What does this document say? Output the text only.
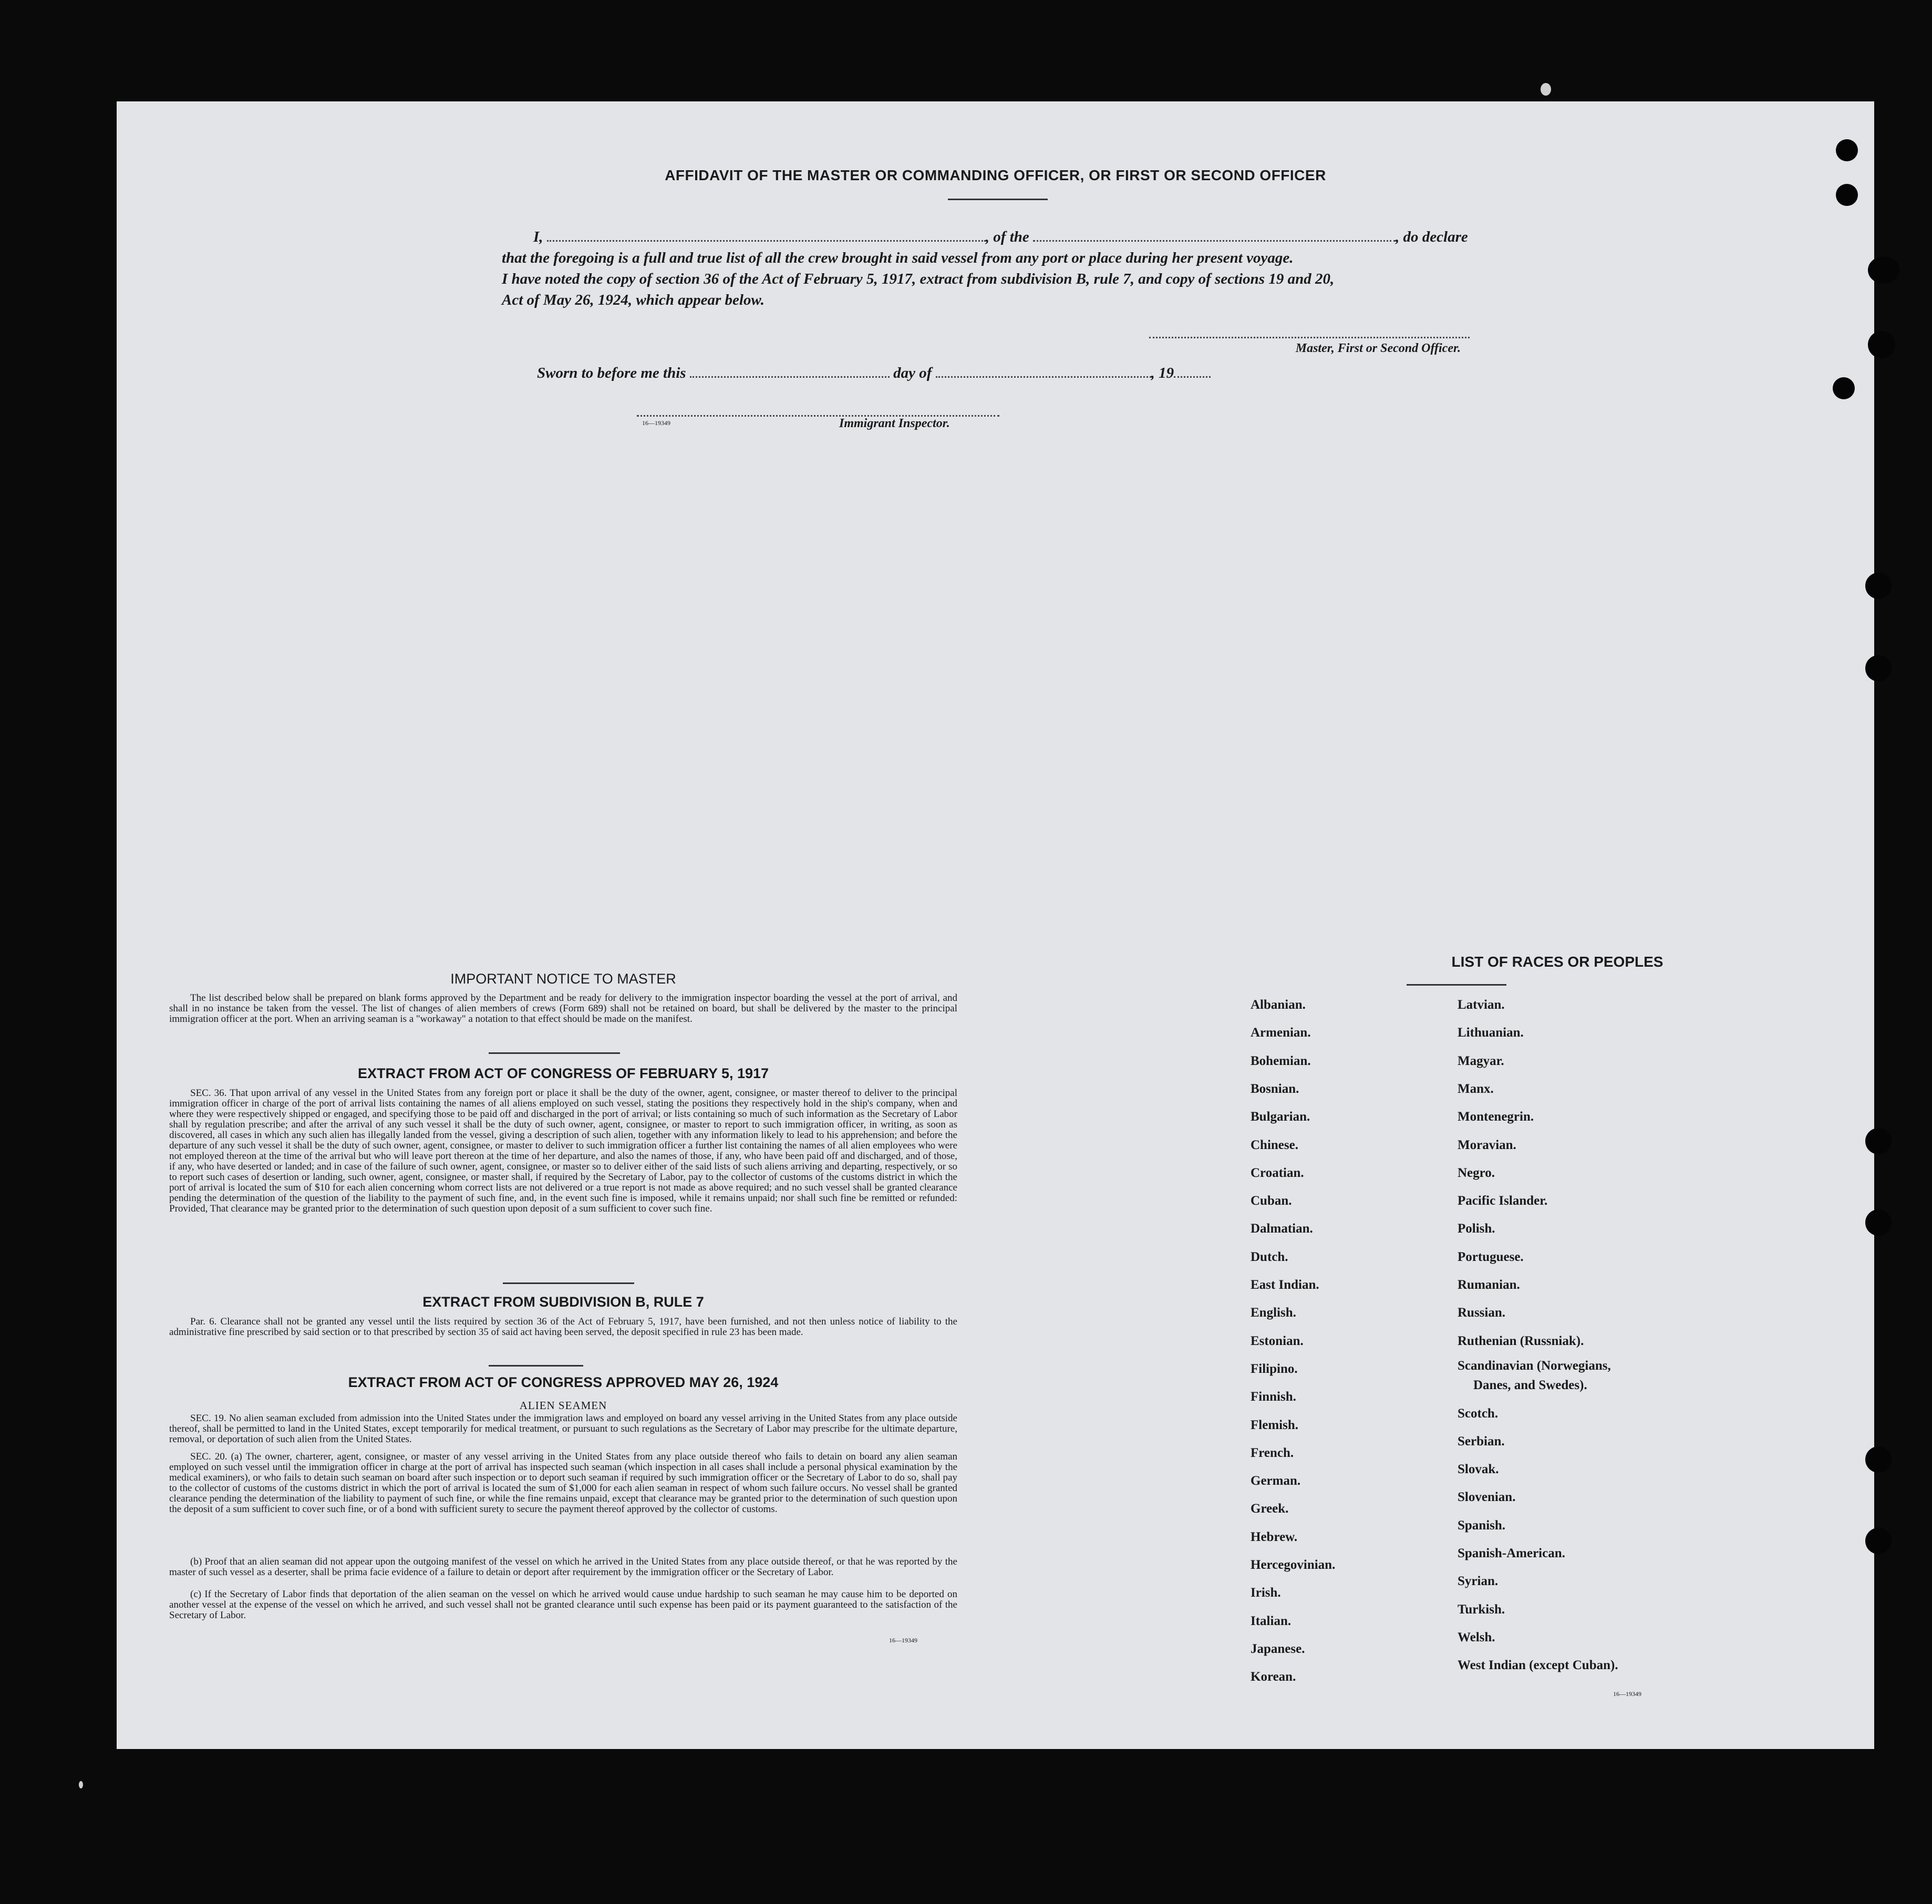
AFFIDAVIT OF THE MASTER OR COMMANDING OFFICER, OR FIRST OR SECOND OFFICER

I,	, of the	, do declare

that the foregoing is a full and true list of all the crew brought in said vessel from any port or place during her present voyage.

I have noted the copy of section 36 of the Act of February 5, 1917, extract from subdivision B, rule 7, and copy of sections 19 and 20,

Act of May 26, 1924, which appear below.

Master, First or Second Officer.

Sworn to before me this	day of	, 19

16—19349	Immigrant Inspector.
IMPORTANT NOTICE TO MASTER

The list described below shall be prepared on blank forms approved by the Department and be ready for delivery to the immigration inspector boarding the vessel at the port of arrival, and shall in no instance be taken from the vessel. The list of changes of alien members of crews (Form 689) shall not be retained on board, but shall be delivered by the master to the principal immigration officer at the port. When an arriving seaman is a "workaway" a notation to that effect should be made on the manifest.

EXTRACT FROM ACT OF CONGRESS OF FEBRUARY 5, 1917

SEC. 36. That upon arrival of any vessel in the United States from any foreign port or place it shall be the duty of the owner, agent, consignee, or master thereof to deliver to the principal immigration officer in charge of the port of arrival lists containing the names of all aliens employed on such vessel, stating the positions they respectively hold in the ship's company, when and where they were respectively shipped or engaged, and specifying those to be paid off and discharged in the port of arrival; or lists containing so much of such information as the Secretary of Labor shall by regulation prescribe; and after the arrival of any such vessel it shall be the duty of such owner, agent, consignee, or master to report to such immigration officer, in writing, as soon as discovered, all cases in which any such alien has illegally landed from the vessel, giving a description of such alien, together with any information likely to lead to his apprehension; and before the departure of any such vessel it shall be the duty of such owner, agent, consignee, or master to deliver to such immigration officer a further list containing the names of all alien employees who were not employed thereon at the time of the arrival but who will leave port thereon at the time of her departure, and also the names of those, if any, who have been paid off and discharged, and of those, if any, who have deserted or landed; and in case of the failure of such owner, agent, consignee, or master so to deliver either of the said lists of such aliens arriving and departing, respectively, or so to report such cases of desertion or landing, such owner, agent, consignee, or master shall, if required by the Secretary of Labor, pay to the collector of customs of the customs district in which the port of arrival is located the sum of $10 for each alien concerning whom correct lists are not delivered or a true report is not made as above required; and no such vessel shall be granted clearance pending the determination of the question of the liability to the payment of such fine, and, in the event such fine is imposed, while it remains unpaid; nor shall such fine be remitted or refunded: Provided, That clearance may be granted prior to the determination of such question upon deposit of a sum sufficient to cover such fine.

EXTRACT FROM SUBDIVISION B, RULE 7

Par. 6. Clearance shall not be granted any vessel until the lists required by section 36 of the Act of February 5, 1917, have been furnished, and not then unless notice of liability to the administrative fine prescribed by said section or to that prescribed by section 35 of said act having been served, the deposit specified in rule 23 has been made.

EXTRACT FROM ACT OF CONGRESS APPROVED MAY 26, 1924
ALIEN SEAMEN

SEC. 19. No alien seaman excluded from admission into the United States under the immigration laws and employed on board any vessel arriving in the United States from any place outside thereof, shall be permitted to land in the United States, except temporarily for medical treatment, or pursuant to such regulations as the Secretary of Labor may prescribe for the ultimate departure, removal, or deportation of such alien from the United States.

SEC. 20. (a) The owner, charterer, agent, consignee, or master of any vessel arriving in the United States from any place outside thereof who fails to detain on board any alien seaman employed on such vessel until the immigration officer in charge at the port of arrival has inspected such seaman (which inspection in all cases shall include a personal physical examination by the medical examiners), or who fails to detain such seaman on board after such inspection or to deport such seaman if required by such immigration officer or the Secretary of Labor to do so, shall pay to the collector of customs of the customs district in which the port of arrival is located the sum of $1,000 for each alien seaman in respect of whom such failure occurs. No vessel shall be granted clearance pending the determination of the liability to payment of such fine, or while the fine remains unpaid, except that clearance may be granted prior to the determination of such question upon the deposit of a sum sufficient to cover such fine, or of a bond with sufficient surety to secure the payment thereof approved by the collector of customs.

(b) Proof that an alien seaman did not appear upon the outgoing manifest of the vessel on which he arrived in the United States from any place outside thereof, or that he was reported by the master of such vessel as a deserter, shall be prima facie evidence of a failure to detain or deport after requirement by the immigration officer or the Secretary of Labor.

(c) If the Secretary of Labor finds that deportation of the alien seaman on the vessel on which he arrived would cause undue hardship to such seaman he may cause him to be deported on another vessel at the expense of the vessel on which he arrived, and such vessel shall not be granted clearance until such expense has been paid or its payment guaranteed to the satisfaction of the Secretary of Labor.

16—19349
LIST OF RACES OR PEOPLES
Albanian.
Armenian.
Bohemian.
Bosnian.
Bulgarian.
Chinese.
Croatian.
Cuban.
Dalmatian.
Dutch.
East Indian.
English.
Estonian.
Filipino.
Finnish.
Flemish.
French.
German.
Greek.
Hebrew.
Hercegovinian.
Irish.
Italian.
Japanese.
Korean.
Latvian.
Lithuanian.
Magyar.
Manx.
Montenegrin.
Moravian.
Negro.
Pacific Islander.
Polish.
Portuguese.
Rumanian.
Russian.
Ruthenian (Russniak).
Scandinavian (Norwegians,
Danes, and Swedes).
Scotch.
Serbian.
Slovak.
Slovenian.
Spanish.
Spanish-American.
Syrian.
Turkish.
Welsh.
West Indian (except Cuban).
16—19349
